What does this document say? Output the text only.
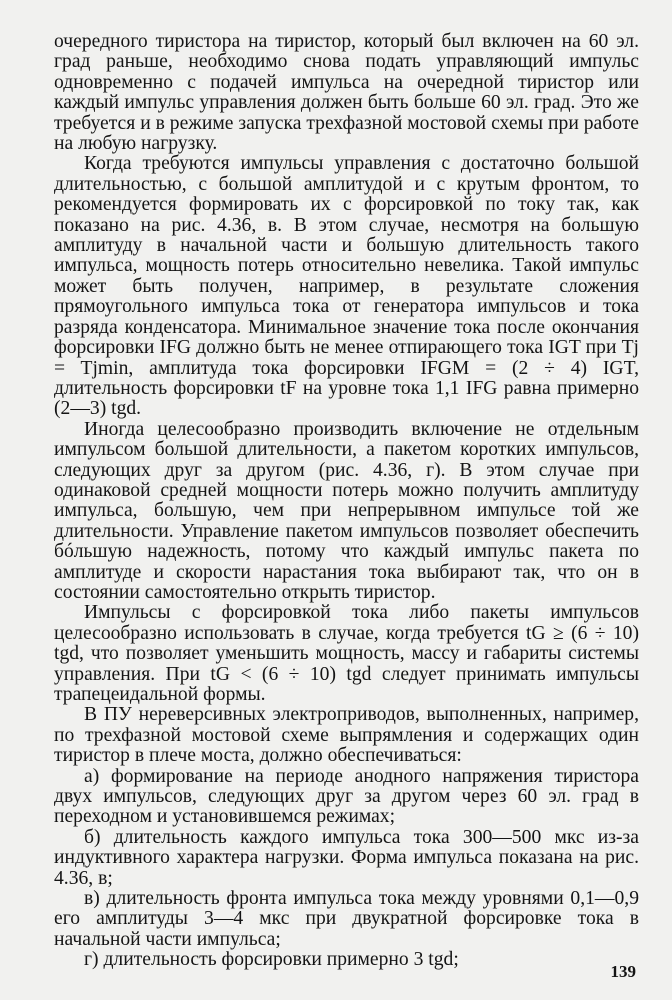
очередного тиристора на тиристор, который был включен на 60 эл. град раньше, необходимо снова подать управляющий импульс одновременно с подачей импульса на очередной тиристор или каждый импульс управления должен быть больше 60 эл. град. Это же требуется и в режиме запуска трехфазной мостовой схемы при работе на любую нагрузку.

Когда требуются импульсы управления с достаточно большой длительностью, с большой амплитудой и с крутым фронтом, то рекомендуется формировать их с форсировкой по току так, как показано на рис. 4.36, в. В этом случае, несмотря на большую амплитуду в начальной части и большую длительность такого импульса, мощность потерь относительно невелика. Такой импульс может быть получен, например, в результате сложения прямоугольного импульса тока от генератора импульсов и тока разряда конденсатора. Минимальное значение тока после окончания форсировки IFG должно быть не менее отпирающего тока IGT при Tj = Tjmin, амплитуда тока форсировки IFGM = (2 ÷ 4) IGT, длительность форсировки tF на уровне тока 1,1 IFG равна примерно (2—3) tgd.

Иногда целесообразно производить включение не отдельным импульсом большой длительности, а пакетом коротких импульсов, следующих друг за другом (рис. 4.36, г). В этом случае при одинаковой средней мощности потерь можно получить амплитуду импульса, большую, чем при непрерывном импульсе той же длительности. Управление пакетом импульсов позволяет обеспечить бóльшую надежность, потому что каждый импульс пакета по амплитуде и скорости нарастания тока выбирают так, что он в состоянии самостоятельно открыть тиристор.

Импульсы с форсировкой тока либо пакеты импульсов целесообразно использовать в случае, когда требуется tG ≥ (6 ÷ 10) tgd, что позволяет уменьшить мощность, массу и габариты системы управления. При tG < (6 ÷ 10) tgd следует принимать импульсы трапецеидальной формы.

В ПУ нереверсивных электроприводов, выполненных, например, по трехфазной мостовой схеме выпрямления и содержащих один тиристор в плече моста, должно обеспечиваться:

а) формирование на периоде анодного напряжения тиристора двух импульсов, следующих друг за другом через 60 эл. град в переходном и установившемся режимах;

б) длительность каждого импульса тока 300—500 мкс из-за индуктивного характера нагрузки. Форма импульса показана на рис. 4.36, в;

в) длительность фронта импульса тока между уровнями 0,1—0,9 его амплитуды 3—4 мкс при двукратной форсировке тока в начальной части импульса;

г) длительность форсировки примерно 3 tgd;

139
